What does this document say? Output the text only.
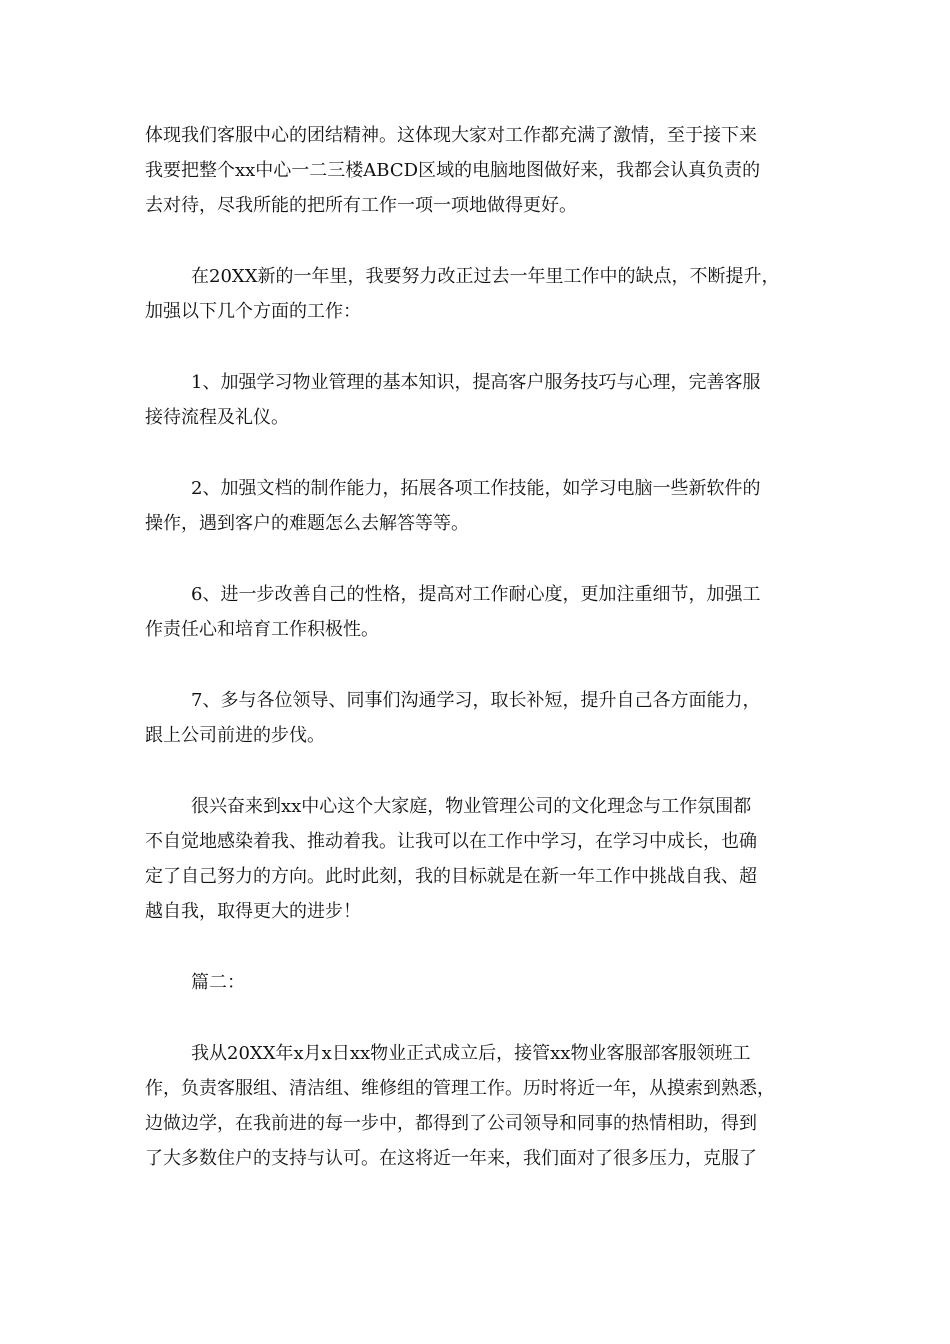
体现我们客服中心的团结精神。这体现大家对工作都充满了激情，至于接下来
我要把整个xx中心一二三楼ABCD区域的电脑地图做好来，我都会认真负责的
去对待，尽我所能的把所有工作一项一项地做得更好。

在20XX新的一年里，我要努力改正过去一年里工作中的缺点，不断提升，
加强以下几个方面的工作：

1、加强学习物业管理的基本知识，提高客户服务技巧与心理，完善客服
接待流程及礼仪。

2、加强文档的制作能力，拓展各项工作技能，如学习电脑一些新软件的
操作，遇到客户的难题怎么去解答等等。

6、进一步改善自己的性格，提高对工作耐心度，更加注重细节，加强工
作责任心和培育工作积极性。

7、多与各位领导、同事们沟通学习，取长补短，提升自己各方面能力，
跟上公司前进的步伐。

很兴奋来到xx中心这个大家庭，物业管理公司的文化理念与工作氛围都
不自觉地感染着我、推动着我。让我可以在工作中学习，在学习中成长，也确
定了自己努力的方向。此时此刻，我的目标就是在新一年工作中挑战自我、超
越自我，取得更大的进步！

篇二：

我从20XX年x月x日xx物业正式成立后，接管xx物业客服部客服领班工
作，负责客服组、清洁组、维修组的管理工作。历时将近一年，从摸索到熟悉，
边做边学，在我前进的每一步中，都得到了公司领导和同事的热情相助，得到
了大多数住户的支持与认可。在这将近一年来，我们面对了很多压力，克服了
